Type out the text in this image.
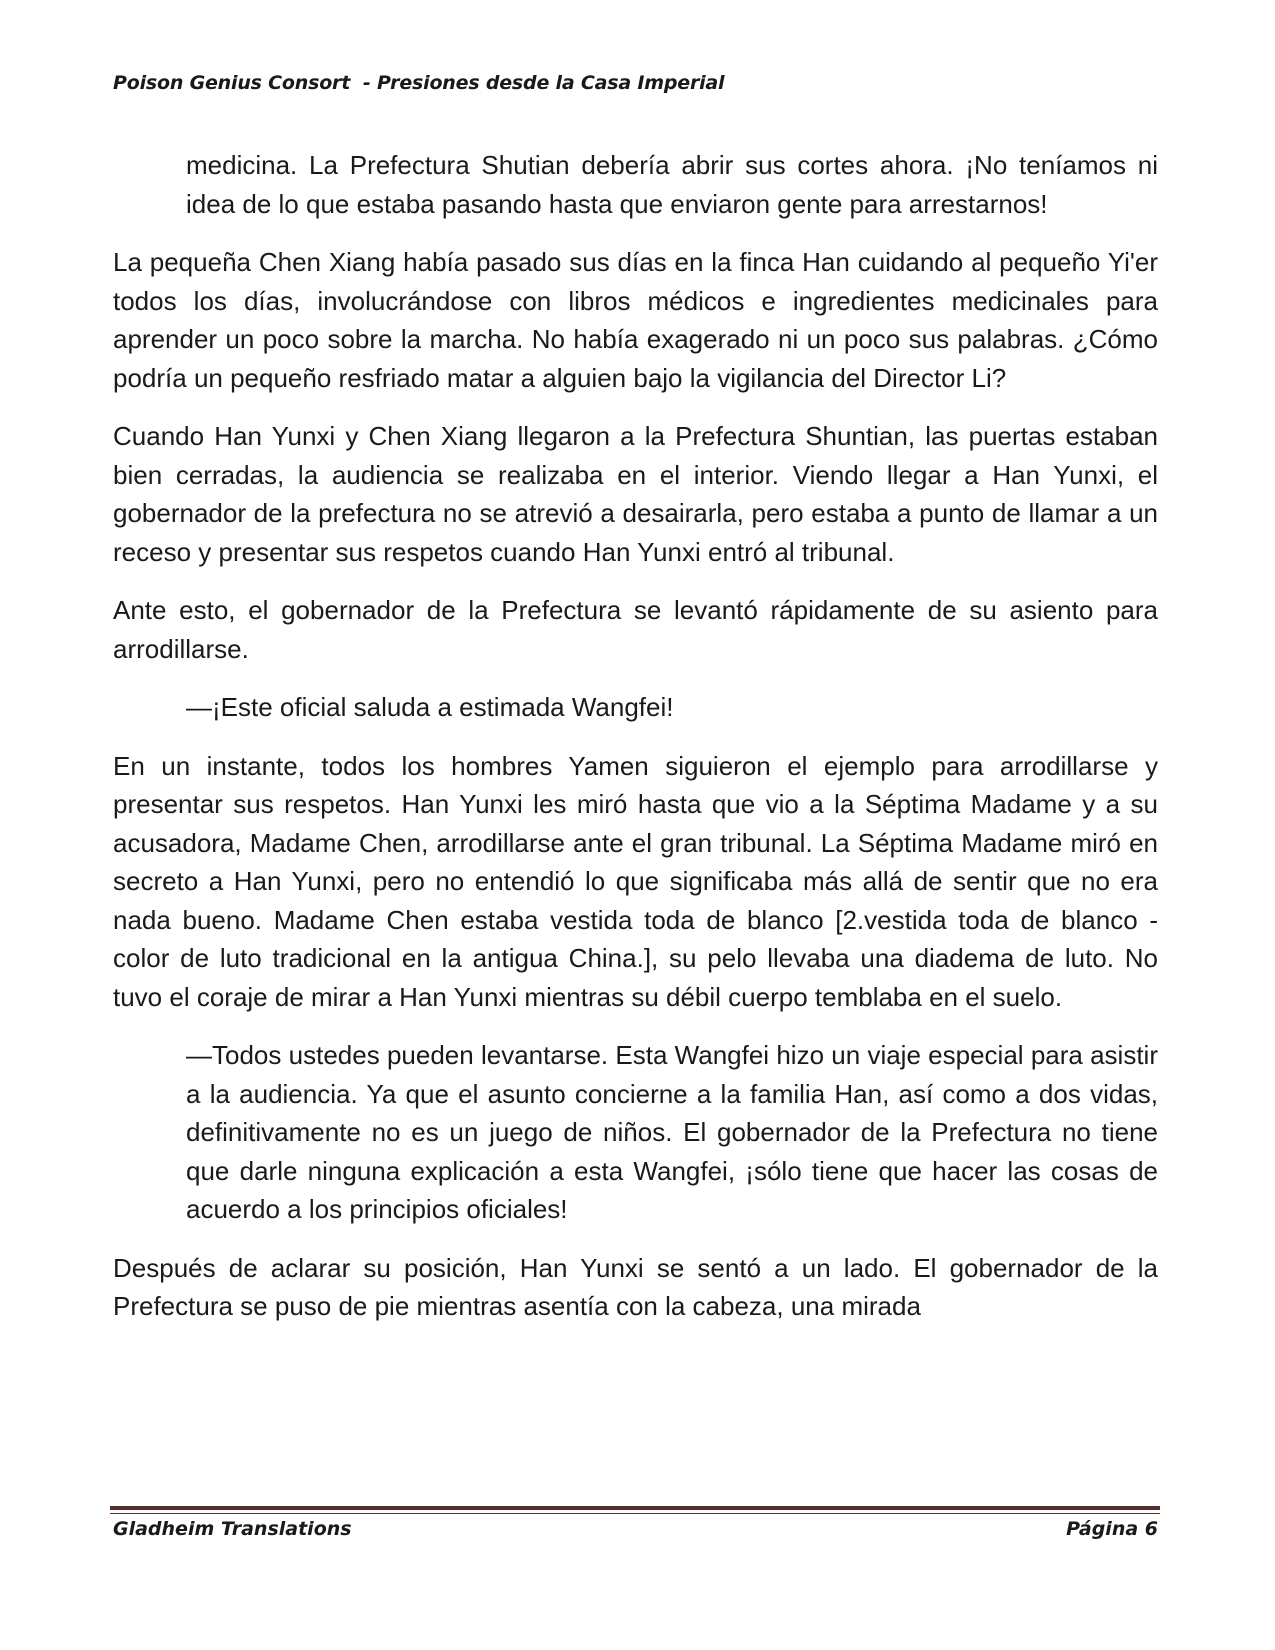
Poison Genius Consort  - Presiones desde la Casa Imperial

medicina. La Prefectura Shutian debería abrir sus cortes ahora. ¡No teníamos ni idea de lo que estaba pasando hasta que enviaron gente para arrestarnos!

La pequeña Chen Xiang había pasado sus días en la finca Han cuidando al pequeño Yi'er todos los días, involucrándose con libros médicos e ingredientes medicinales para aprender un poco sobre la marcha. No había exagerado ni un poco sus palabras. ¿Cómo podría un pequeño resfriado matar a alguien bajo la vigilancia del Director Li?

Cuando Han Yunxi y Chen Xiang llegaron a la Prefectura Shuntian, las puertas estaban bien cerradas, la audiencia se realizaba en el interior. Viendo llegar a Han Yunxi, el gobernador de la prefectura no se atrevió a desairarla, pero estaba a punto de llamar a un receso y presentar sus respetos cuando Han Yunxi entró al tribunal.

Ante esto, el gobernador de la Prefectura se levantó rápidamente de su asiento para arrodillarse.

—¡Este oficial saluda a estimada Wangfei!

En un instante, todos los hombres Yamen siguieron el ejemplo para arrodillarse y presentar sus respetos. Han Yunxi les miró hasta que vio a la Séptima Madame y a su acusadora, Madame Chen, arrodillarse ante el gran tribunal. La Séptima Madame miró en secreto a Han Yunxi, pero no entendió lo que significaba más allá de sentir que no era nada bueno. Madame Chen estaba vestida toda de blanco [2.vestida toda de blanco - color de luto tradicional en la antigua China.], su pelo llevaba una diadema de luto. No tuvo el coraje de mirar a Han Yunxi mientras su débil cuerpo temblaba en el suelo.

—Todos ustedes pueden levantarse. Esta Wangfei hizo un viaje especial para asistir a la audiencia. Ya que el asunto concierne a la familia Han, así como a dos vidas, definitivamente no es un juego de niños. El gobernador de la Prefectura no tiene que darle ninguna explicación a esta Wangfei, ¡sólo tiene que hacer las cosas de acuerdo a los principios oficiales!

Después de aclarar su posición, Han Yunxi se sentó a un lado. El gobernador de la Prefectura se puso de pie mientras asentía con la cabeza, una mirada

Gladheim Translations	Página 6
